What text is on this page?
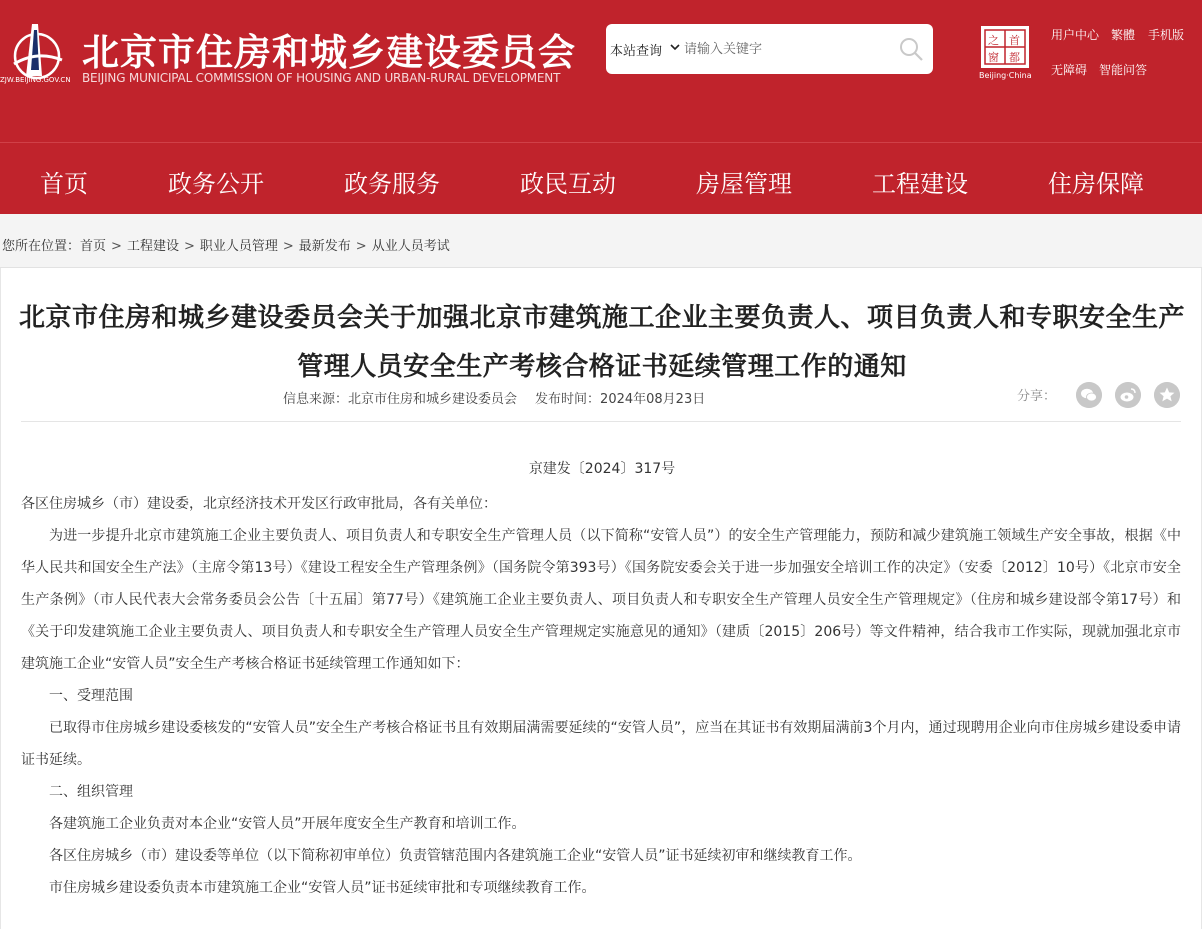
ZJW.BEIJING.GOV.CN
北京市住房和城乡建设委员会
BEIJING MUNICIPAL COMMISSION OF HOUSING AND URBAN-RURAL DEVELOPMENT
本站查询
请输入关键字
之 首
窗 都
Beijing·China
用户中心 繁體 手机版
无障碍 智能问答
首页	政务公开	政务服务	政民互动	房屋管理	工程建设	住房保障
您所在位置：首页 > 工程建设 > 职业人员管理 > 最新发布 > 从业人员考试
北京市住房和城乡建设委员会关于加强北京市建筑施工企业主要负责人、项目负责人和专职安全生产管理人员安全生产考核合格证书延续管理工作的通知
信息来源：北京市住房和城乡建设委员会 发布时间：2024年08月23日	分享：
京建发〔2024〕317号

各区住房城乡（市）建设委，北京经济技术开发区行政审批局，各有关单位：

为进一步提升北京市建筑施工企业主要负责人、项目负责人和专职安全生产管理人员（以下简称“安管人员”）的安全生产管理能力，预防和减少建筑施工领域生产安全事故，根据《中华人民共和国安全生产法》（主席令第13号）《建设工程安全生产管理条例》（国务院令第393号）《国务院安委会关于进一步加强安全培训工作的决定》（安委〔2012〕10号）《北京市安全生产条例》（市人民代表大会常务委员会公告〔十五届〕第77号）《建筑施工企业主要负责人、项目负责人和专职安全生产管理人员安全生产管理规定》（住房和城乡建设部令第17号）和《关于印发建筑施工企业主要负责人、项目负责人和专职安全生产管理人员安全生产管理规定实施意见的通知》（建质〔2015〕206号）等文件精神，结合我市工作实际，现就加强北京市建筑施工企业“安管人员”安全生产考核合格证书延续管理工作通知如下：

一、受理范围

已取得市住房城乡建设委核发的“安管人员”安全生产考核合格证书且有效期届满需要延续的“安管人员”，应当在其证书有效期届满前3个月内，通过现聘用企业向市住房城乡建设委申请证书延续。

二、组织管理

各建筑施工企业负责对本企业“安管人员”开展年度安全生产教育和培训工作。

各区住房城乡（市）建设委等单位（以下简称初审单位）负责管辖范围内各建筑施工企业“安管人员”证书延续初审和继续教育工作。

市住房城乡建设委负责本市建筑施工企业“安管人员”证书延续审批和专项继续教育工作。
